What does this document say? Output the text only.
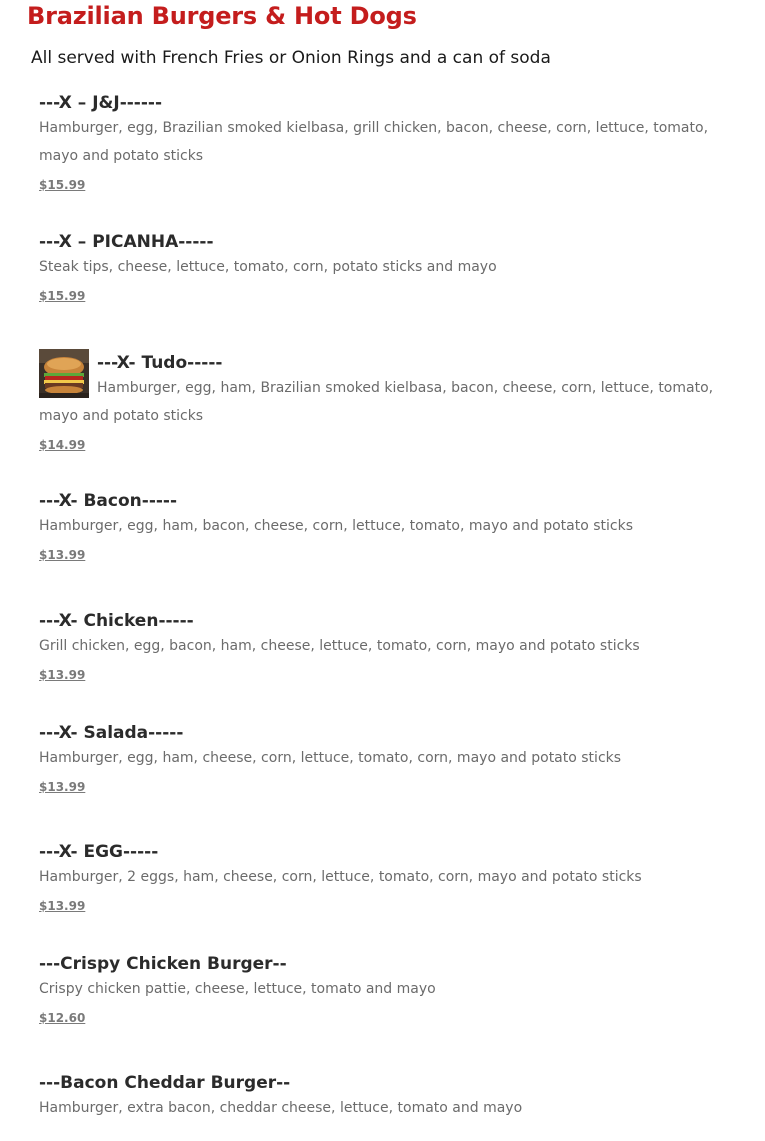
Brazilian Burgers & Hot Dogs

All served with French Fries or Onion Rings and a can of soda

---X – J&J------

Hamburger, egg, Brazilian smoked kielbasa, grill chicken, bacon, cheese, corn, lettuce, tomato, mayo and potato sticks

$15.99

---X – PICANHA-----

Steak tips, cheese, lettuce, tomato, corn, potato sticks and mayo

$15.99

---X- Tudo-----

Hamburger, egg, ham, Brazilian smoked kielbasa, bacon, cheese, corn, lettuce, tomato, mayo and potato sticks

$14.99

---X- Bacon-----

Hamburger, egg, ham, bacon, cheese, corn, lettuce, tomato, mayo and potato sticks

$13.99

---X- Chicken-----

Grill chicken, egg, bacon, ham, cheese, lettuce, tomato, corn, mayo and potato sticks

$13.99

---X- Salada-----

Hamburger, egg, ham, cheese, corn, lettuce, tomato, corn, mayo and potato sticks

$13.99

---X- EGG-----

Hamburger, 2 eggs, ham, cheese, corn, lettuce, tomato, corn, mayo and potato sticks

$13.99

---Crispy Chicken Burger--

Crispy chicken pattie, cheese, lettuce, tomato and mayo

$12.60

---Bacon Cheddar Burger--

Hamburger, extra bacon, cheddar cheese, lettuce, tomato and mayo
